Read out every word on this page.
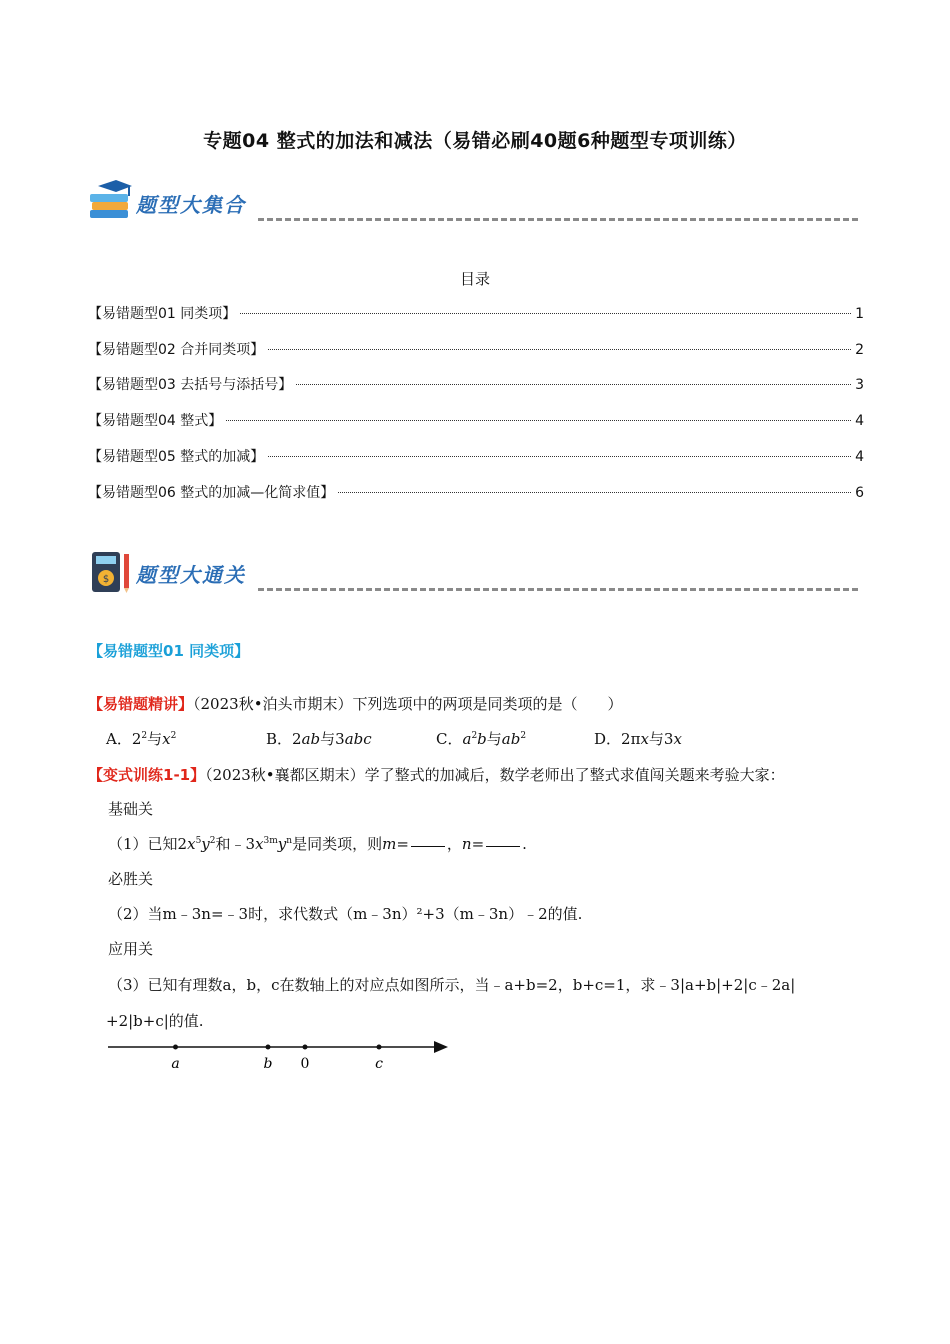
专题04 整式的加法和减法（易错必刷40题6种题型专项训练）
题型大集合
目录
【易错题型01 同类项】	1
【易错题型02 合并同类项】	2
【易错题型03 去括号与添括号】	3
【易错题型04 整式】	4
【易错题型05 整式的加减】	4
【易错题型06 整式的加减—化简求值】	6
$ 题型大通关
【易错题型01 同类项】
【易错题精讲】（2023秋•泊头市期末）下列选项中的两项是同类项的是（　　）
A．$2^2$与$x^2$	B．2ab与3abc	C．$a^2b$与$ab^2$	D．2πx与3x
【变式训练1-1】（2023秋•襄都区期末）学了整式的加减后，数学老师出了整式求值闯关题来考验大家：
基础关
（1）已知$2x^5y^2$和$﹣3x^{3m}y^n$是同类项，则m=	，n=	.
必胜关
（2）当m﹣3n=﹣3时，求代数式（m﹣3n）²+3（m﹣3n）﹣2的值.
应用关
（3）已知有理数a，b，c在数轴上的对应点如图所示，当﹣a+b=2，b+c=1，求﹣3|a+b|+2|c﹣2a|
+2|b+c|的值.
a	b 0	c
